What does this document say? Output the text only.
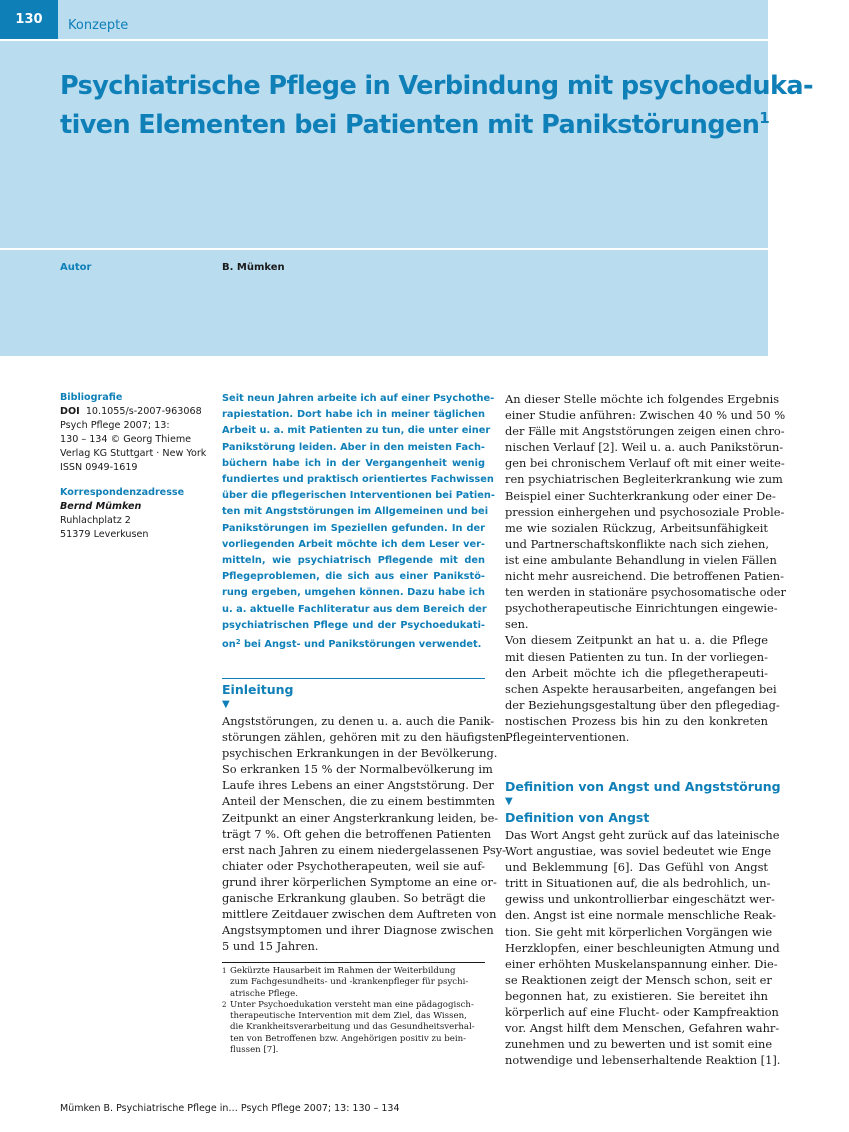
130	Konzepte
Psychiatrische Pflege in Verbindung mit psychoeduka-
tiven Elementen bei Patienten mit Panikstörungen$^1$
Autor	B. Mümken
Bibliografie
DOI 10.1055/s-2007-963068
Psych Pflege 2007; 13:
130 – 134 © Georg Thieme
Verlag KG Stuttgart · New York
ISSN 0949-1619
Korrespondenzadresse
Bernd Mümken
Ruhlachplatz 2
51379 Leverkusen
Seit neun Jahren arbeite ich auf einer Psychothe-
rapiestation. Dort habe ich in meiner täglichen
Arbeit u. a. mit Patienten zu tun, die unter einer
Panikstörung leiden. Aber in den meisten Fach-
büchern habe ich in der Vergangenheit wenig
fundiertes und praktisch orientiertes Fachwissen
über die pflegerischen Interventionen bei Patien-
ten mit Angststörungen im Allgemeinen und bei
Panikstörungen im Speziellen gefunden. In der
vorliegenden Arbeit möchte ich dem Leser ver-
mitteln, wie psychiatrisch Pflegende mit den
Pflegeproblemen, die sich aus einer Panikstö-
rung ergeben, umgehen können. Dazu habe ich
u. a. aktuelle Fachliteratur aus dem Bereich der
psychiatrischen Pflege und der Psychoedukati-
$on^2$ bei Angst- und Panikstörungen verwendet.
Einleitung
▼
Angststörungen, zu denen u. a. auch die Panik-
störungen zählen, gehören mit zu den häufigsten
psychischen Erkrankungen in der Bevölkerung.
So erkranken 15 % der Normalbevölkerung im
Laufe ihres Lebens an einer Angststörung. Der
Anteil der Menschen, die zu einem bestimmten
Zeitpunkt an einer Angsterkrankung leiden, be-
trägt 7 %. Oft gehen die betroffenen Patienten
erst nach Jahren zu einem niedergelassenen Psy-
chiater oder Psychotherapeuten, weil sie auf-
grund ihrer körperlichen Symptome an eine or-
ganische Erkrankung glauben. So beträgt die
mittlere Zeitdauer zwischen dem Auftreten von
Angstsymptomen und ihrer Diagnose zwischen
5 und 15 Jahren.
1 Gekürzte Hausarbeit im Rahmen der Weiterbildung
zum Fachgesundheits- und -krankenpfleger für psychi-
atrische Pflege.
2 Unter Psychoedukation versteht man eine pädagogisch-
therapeutische Intervention mit dem Ziel, das Wissen,
die Krankheitsverarbeitung und das Gesundheitsverhal-
ten von Betroffenen bzw. Angehörigen positiv zu bein-
flussen [7].
An dieser Stelle möchte ich folgendes Ergebnis
einer Studie anführen: Zwischen 40 % und 50 %
der Fälle mit Angststörungen zeigen einen chro-
nischen Verlauf [2]. Weil u. a. auch Panikstörun-
gen bei chronischem Verlauf oft mit einer weite-
ren psychiatrischen Begleiterkrankung wie zum
Beispiel einer Suchterkrankung oder einer De-
pression einhergehen und psychosoziale Proble-
me wie sozialen Rückzug, Arbeitsunfähigkeit
und Partnerschaftskonflikte nach sich ziehen,
ist eine ambulante Behandlung in vielen Fällen
nicht mehr ausreichend. Die betroffenen Patien-
ten werden in stationäre psychosomatische oder
psychotherapeutische Einrichtungen eingewie-
sen.
Von diesem Zeitpunkt an hat u. a. die Pflege
mit diesen Patienten zu tun. In der vorliegen-
den Arbeit möchte ich die pflegetherapeuti-
schen Aspekte herausarbeiten, angefangen bei
der Beziehungsgestaltung über den pflegediag-
nostischen Prozess bis hin zu den konkreten
Pflegeinterventionen.
Definition von Angst und Angststörung
▼
Definition von Angst
Das Wort Angst geht zurück auf das lateinische
Wort angustiae, was soviel bedeutet wie Enge
und Beklemmung [6]. Das Gefühl von Angst
tritt in Situationen auf, die als bedrohlich, un-
gewiss und unkontrollierbar eingeschätzt wer-
den. Angst ist eine normale menschliche Reak-
tion. Sie geht mit körperlichen Vorgängen wie
Herzklopfen, einer beschleunigten Atmung und
einer erhöhten Muskelanspannung einher. Die-
se Reaktionen zeigt der Mensch schon, seit er
begonnen hat, zu existieren. Sie bereitet ihn
körperlich auf eine Flucht- oder Kampfreaktion
vor. Angst hilft dem Menschen, Gefahren wahr-
zunehmen und zu bewerten und ist somit eine
notwendige und lebenserhaltende Reaktion [1].
Mümken B. Psychiatrische Pflege in… Psych Pflege 2007; 13: 130 – 134
